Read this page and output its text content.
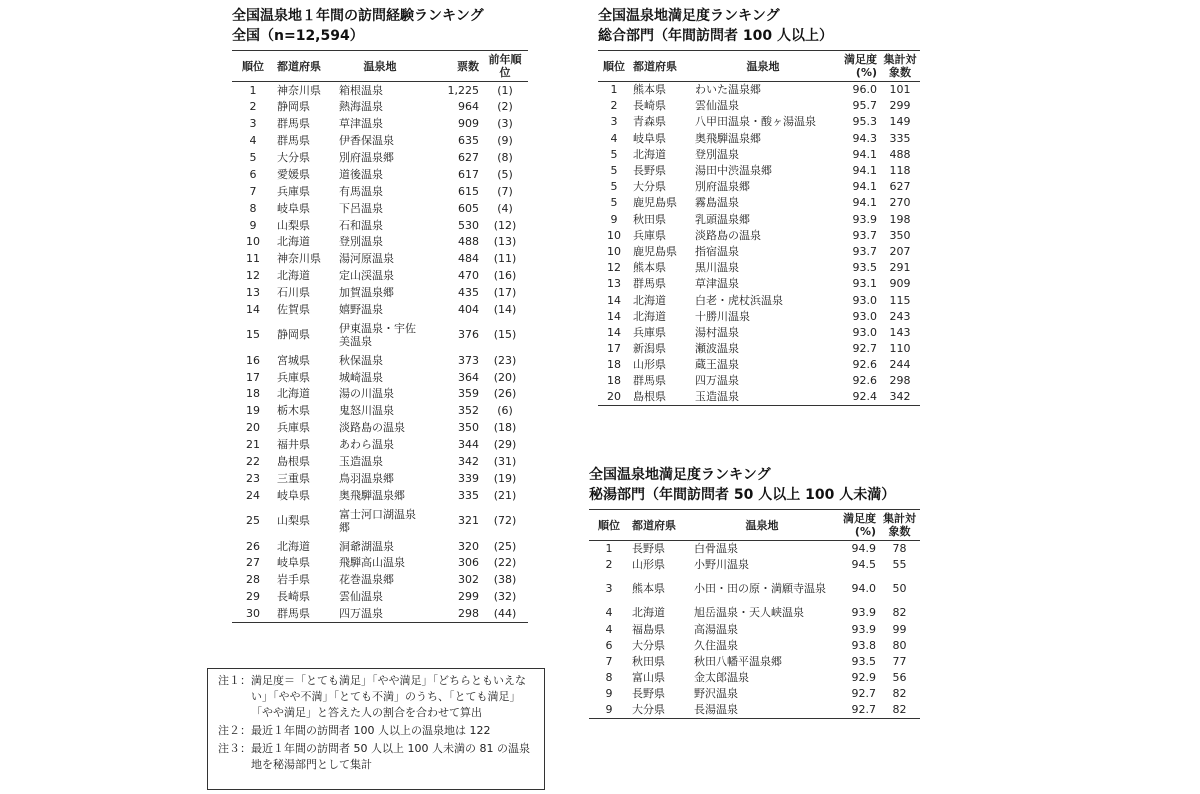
全国温泉地１年間の訪問経験ランキング
全国（n=12,594）
順位	都道府県	温泉地	票数	前年順位
1	神奈川県	箱根温泉	1,225	(1)
2	静岡県	熱海温泉	964	(2)
3	群馬県	草津温泉	909	(3)
4	群馬県	伊香保温泉	635	(9)
5	大分県	別府温泉郷	627	(8)
6	愛媛県	道後温泉	617	(5)
7	兵庫県	有馬温泉	615	(7)
8	岐阜県	下呂温泉	605	(4)
9	山梨県	石和温泉	530	(12)
10	北海道	登別温泉	488	(13)
11	神奈川県	湯河原温泉	484	(11)
12	北海道	定山渓温泉	470	(16)
13	石川県	加賀温泉郷	435	(17)
14	佐賀県	嬉野温泉	404	(14)
15	静岡県	伊東温泉・宇佐美温泉	376	(15)
16	宮城県	秋保温泉	373	(23)
17	兵庫県	城崎温泉	364	(20)
18	北海道	湯の川温泉	359	(26)
19	栃木県	鬼怒川温泉	352	(6)
20	兵庫県	淡路島の温泉	350	(18)
21	福井県	あわら温泉	344	(29)
22	島根県	玉造温泉	342	(31)
23	三重県	鳥羽温泉郷	339	(19)
24	岐阜県	奥飛騨温泉郷	335	(21)
25	山梨県	富士河口湖温泉郷	321	(72)
26	北海道	洞爺湖温泉	320	(25)
27	岐阜県	飛騨高山温泉	306	(22)
28	岩手県	花巻温泉郷	302	(38)
29	長崎県	雲仙温泉	299	(32)
30	群馬県	四万温泉	298	(44)
全国温泉地満足度ランキング
総合部門（年間訪問者 100 人以上）
順位	都道府県	温泉地	満足度 (%)	集計対象数
1	熊本県	わいた温泉郷	96.0	101
2	長崎県	雲仙温泉	95.7	299
3	青森県	八甲田温泉・酸ヶ湯温泉	95.3	149
4	岐阜県	奥飛騨温泉郷	94.3	335
5	北海道	登別温泉	94.1	488
5	長野県	湯田中渋温泉郷	94.1	118
5	大分県	別府温泉郷	94.1	627
5	鹿児島県	霧島温泉	94.1	270
9	秋田県	乳頭温泉郷	93.9	198
10	兵庫県	淡路島の温泉	93.7	350
10	鹿児島県	指宿温泉	93.7	207
12	熊本県	黒川温泉	93.5	291
13	群馬県	草津温泉	93.1	909
14	北海道	白老・虎杖浜温泉	93.0	115
14	北海道	十勝川温泉	93.0	243
14	兵庫県	湯村温泉	93.0	143
17	新潟県	瀬波温泉	92.7	110
18	山形県	蔵王温泉	92.6	244
18	群馬県	四万温泉	92.6	298
20	島根県	玉造温泉	92.4	342
全国温泉地満足度ランキング
秘湯部門（年間訪問者 50 人以上 100 人未満）
順位	都道府県	温泉地	満足度 (%)	集計対象数
1	長野県	白骨温泉	94.9	78
2	山形県	小野川温泉	94.5	55
3	熊本県	小田・田の原・満願寺温泉	94.0	50
4	北海道	旭岳温泉・天人峡温泉	93.9	82
4	福島県	高湯温泉	93.9	99
6	大分県	久住温泉	93.8	80
7	秋田県	秋田八幡平温泉郷	93.5	77
8	富山県	金太郎温泉	92.9	56
9	長野県	野沢温泉	92.7	82
9	大分県	長湯温泉	92.7	82
注１： 満足度＝「とても満足」「やや満足」「どちらともいえない」「やや不満」「とても不満」のうち、「とても満足」「やや満足」と答えた人の割合を合わせて算出
注２： 最近１年間の訪問者 100 人以上の温泉地は 122
注３： 最近１年間の訪問者 50 人以上 100 人未満の 81 の温泉地を秘湯部門として集計
